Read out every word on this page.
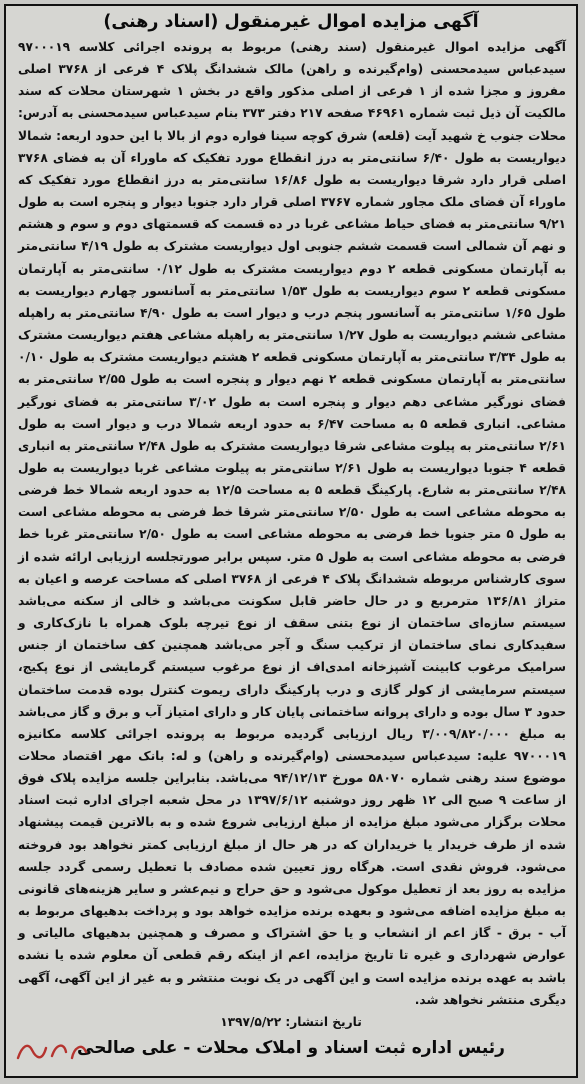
آگهی مزایده اموال غیرمنقول (اسناد رهنی)

آگهی مزایده اموال غیرمنقول (سند رهنی) مربوط به پرونده اجرائی کلاسه ۹۷۰۰۰۱۹ سیدعباس سیدمحسنی (وام‌گیرنده و راهن) مالک ششدانگ پلاک ۴ فرعی از ۳۷۶۸ اصلی مفروز و مجزا شده از ۱ فرعی از اصلی مذکور واقع در بخش ۱ شهرستان محلات که سند مالکیت آن ذیل ثبت شماره ۴۶۹۶۱ صفحه ۲۱۷ دفتر ۳۷۳ بنام سیدعباس سیدمحسنی به آدرس: محلات جنوب خ شهید آیت (قلعه) شرق کوچه سینا فواره دوم از بالا با این حدود اربعه: شمالا دیواریست به طول ۶/۴۰ سانتی‌متر به درز انقطاع مورد تفکیک که ماوراء آن به فضای ۳۷۶۸ اصلی قرار دارد شرقا دیواریست به طول ۱۶/۸۶ سانتی‌متر به درز انقطاع مورد تفکیک که ماوراء آن فضای ملک مجاور شماره ۳۷۶۷ اصلی قرار دارد جنوبا دیوار و پنجره است به طول ۹/۲۱ سانتی‌متر به فضای حیاط مشاعی غربا در ده قسمت که قسمتهای دوم و سوم و هشتم و نهم آن شمالی است قسمت ششم جنوبی اول دیواریست مشترک به طول ۴/۱۹ سانتی‌متر به آپارتمان مسکونی قطعه ۲ دوم دیواریست مشترک به طول ۰/۱۲ سانتی‌متر به آپارتمان مسکونی قطعه ۲ سوم دیواریست به طول ۱/۵۳ سانتی‌متر به آسانسور چهارم دیواریست به طول ۱/۶۵ سانتی‌متر به آسانسور پنجم درب و دیوار است به طول ۴/۹۰ سانتی‌متر به راهپله مشاعی ششم دیواریست به طول ۱/۲۷ سانتی‌متر به راهپله مشاعی هفتم دیواریست مشترک به طول ۳/۳۴ سانتی‌متر به آپارتمان مسکونی قطعه ۲ هشتم دیواریست مشترک به طول ۰/۱۰ سانتی‌متر به آپارتمان مسکونی قطعه ۲ نهم دیوار و پنجره است به طول ۲/۵۵ سانتی‌متر به فضای نورگیر مشاعی دهم دیوار و پنجره است به طول ۳/۰۲ سانتی‌متر به فضای نورگیر مشاعی. انباری قطعه ۵ به مساحت ۶/۴۷ به حدود اربعه شمالا درب و دیوار است به طول ۲/۶۱ سانتی‌متر به پیلوت مشاعی شرقا دیواریست مشترک به طول ۲/۴۸ سانتی‌متر به انباری قطعه ۴ جنوبا دیواریست به طول ۲/۶۱ سانتی‌متر به پیلوت مشاعی غربا دیواریست به طول ۲/۴۸ سانتی‌متر به شارع. پارکینگ قطعه ۵ به مساحت ۱۲/۵ به حدود اربعه شمالا خط فرضی به محوطه مشاعی است به طول ۲/۵۰ سانتی‌متر شرقا خط فرضی به محوطه مشاعی است به طول ۵ متر جنوبا خط فرضی به محوطه مشاعی است به طول ۲/۵۰ سانتی‌متر غربا خط فرضی به محوطه مشاعی است به طول ۵ متر. سپس برابر صورتجلسه ارزیابی ارائه شده از سوی کارشناس مربوطه ششدانگ پلاک ۴ فرعی از ۳۷۶۸ اصلی که مساحت عرصه و اعیان به متراژ ۱۳۶/۸۱ مترمربع و در حال حاضر قابل سکونت می‌باشد و خالی از سکنه می‌باشد سیستم سازه‌ای ساختمان از نوع بتنی سقف از نوع تیرچه بلوک همراه با نازک‌کاری و سفیدکاری نمای ساختمان از ترکیب سنگ و آجر می‌باشد همچنین کف ساختمان از جنس سرامیک مرغوب کابینت آشپزخانه امدی‌اف از نوع مرغوب سیستم گرمایشی از نوع پکیج، سیستم سرمایشی از کولر گازی و درب پارکینگ دارای ریموت کنترل بوده قدمت ساختمان حدود ۳ سال بوده و دارای پروانه ساختمانی پایان کار و دارای امتیاز آب و برق و گاز می‌باشد به مبلغ ۳/۰۰۹/۸۲۰/۰۰۰ ریال ارزیابی گردیده مربوط به پرونده اجرائی کلاسه مکانیزه ۹۷۰۰۰۱۹ علیه: سیدعباس سیدمحسنی (وام‌گیرنده و راهن) و له: بانک مهر اقتصاد محلات موضوع سند رهنی شماره ۵۸۰۷۰ مورخ ۹۴/۱۲/۱۳ می‌باشد. بنابراین جلسه مزایده پلاک فوق از ساعت ۹ صبح الی ۱۲ ظهر روز دوشنبه ۱۳۹۷/۶/۱۲ در محل شعبه اجرای اداره ثبت اسناد محلات برگزار می‌شود مبلغ مزایده از مبلغ ارزیابی شروع شده و به بالاترین قیمت پیشنهاد شده از طرف خریدار یا خریداران که در هر حال از مبلغ ارزیابی کمتر نخواهد بود فروخته می‌شود. فروش نقدی است. هرگاه روز تعیین شده مصادف با تعطیل رسمی گردد جلسه مزایده به روز بعد از تعطیل موکول می‌شود و حق حراج و نیم‌عشر و سایر هزینه‌های قانونی به مبلغ مزایده اضافه می‌شود و بعهده برنده مزایده خواهد بود و پرداخت بدهیهای مربوط به آب - برق - گاز اعم از انشعاب و یا حق اشتراک و مصرف و همچنین بدهیهای مالیاتی و عوارض شهرداری و غیره تا تاریخ مزایده، اعم از اینکه رقم قطعی آن معلوم شده یا نشده باشد به عهده برنده مزایده است و این آگهی در یک نوبت منتشر و به غیر از این آگهی، آگهی دیگری منتشر نخواهد شد.

تاریخ انتشار: ۱۳۹۷/۵/۲۲
رئیس اداره ثبت اسناد و املاک محلات - علی صالحی
